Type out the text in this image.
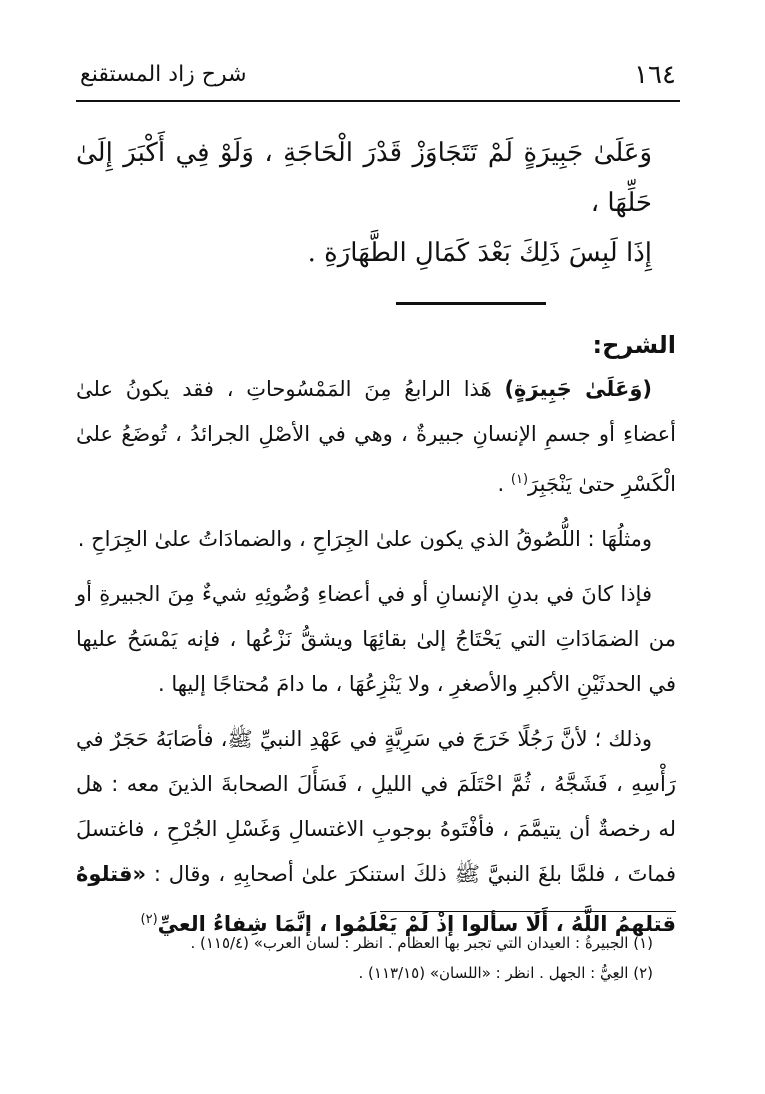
١٦٤
شرح زاد المستقنع
وَعَلَىٰ جَبِيرَةٍ لَمْ تَتَجَاوَزْ قَدْرَ الْحَاجَةِ ، وَلَوْ فِي أَكْبَرَ إِلَىٰ حَلِّهَا ،
إِذَا لَبِسَ ذَلِكَ بَعْدَ كَمَالِ الطَّهَارَةِ .
الشرح:

(وَعَلَىٰ جَبِيرَةٍ) هَذا الرابعُ مِنَ المَمْسُوحاتِ ، فقد يكونُ علىٰ أعضاءِ أو جسمِ الإنسانِ جبيرةٌ ، وهي في الأصْلِ الجرائدُ ، تُوضَعُ علىٰ الْكَسْرِ حتىٰ يَنْجَبِرَ$^{(١)}$ .

ومثلُهَا : اللُّصُوقُ الذي يكون علىٰ الجِرَاحِ ، والضمادَاتُ علىٰ الجِرَاحِ .

فإذا كانَ في بدنِ الإنسانِ أو في أعضاءِ وُضُوئِهِ شيءٌ مِنَ الجبيرةِ أو من الضمَادَاتِ التي يَحْتَاجُ إلىٰ بقائِهَا ويشقُّ نَزْعُها ، فإنه يَمْسَحُ عليها في الحدثَيْنِ الأكبرِ والأصغرِ ، ولا يَنْزِعُهَا ، ما دامَ مُحتاجًا إليها .

وذلك ؛ لأنَّ رَجُلًا خَرَجَ في سَرِيَّةٍ في عَهْدِ النبيِّ ﷺ، فأصَابَهُ حَجَرٌ في رَأْسِهِ ، فَشَجَّهُ ، ثُمَّ احْتَلَمَ في الليلِ ، فَسَأَلَ الصحابةَ الذينَ معه : هل له رخصةٌ أن يتيمَّمَ ، فأفْتَوهُ بوجوبِ الاغتسالِ وَغَسْلِ الجُرْحِ ، فاغتسلَ فماتَ ، فلمَّا بلغَ النبيَّ ﷺ ذلكَ استنكرَ علىٰ أصحابِهِ ، وقال : «قتلوهُ قتلهمُ اللَّهُ ، أَلَا سألوا إذْ لَمْ يَعْلَمُوا ، إنَّمَا شِفاءُ العيِّ$^{(٢)}$

(١) الجبيرةُ : العيدان التي تجبر بها العظام . انظر : لسان العرب» (١١٥/٤) .

(٢) العِيُّ : الجهل . انظر : «اللسان» (١١٣/١٥) .
